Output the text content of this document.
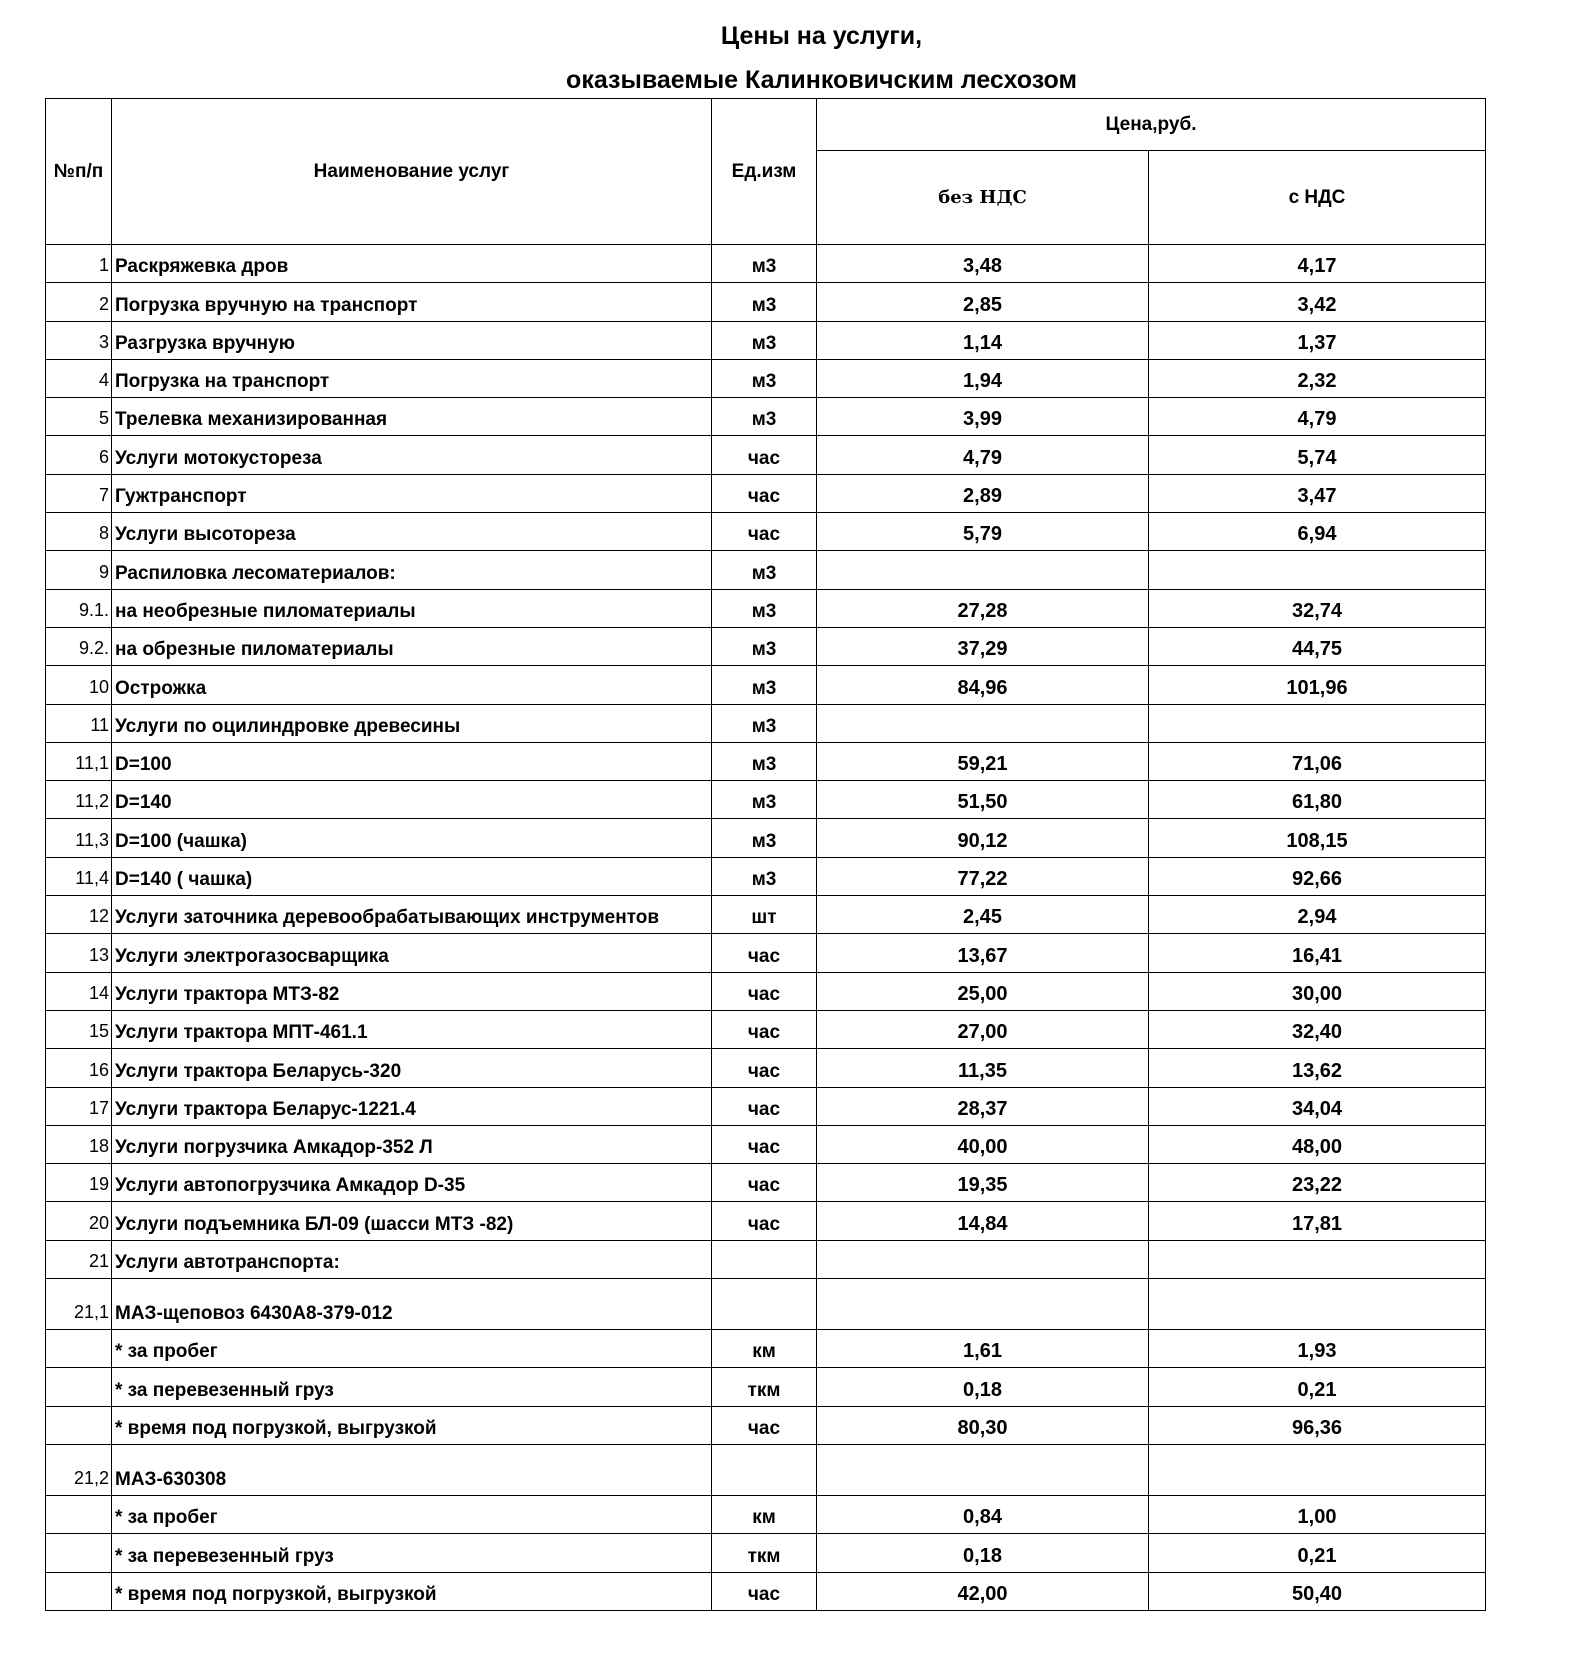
Цены на услуги,
оказываемые Калинковичским лесхозом
№п/п	Наименование услуг	Ед.изм	Цена,руб.	
			без НДС	с НДС
1	Раскряжевка дров	м3	3,48	4,17
2	Погрузка вручную на транспорт	м3	2,85	3,42
3	Разгрузка вручную	м3	1,14	1,37
4	Погрузка на транспорт	м3	1,94	2,32
5	Трелевка механизированная	м3	3,99	4,79
6	Услуги мотокустореза	час	4,79	5,74
7	Гужтранспорт	час	2,89	3,47
8	Услуги высотореза	час	5,79	6,94
9	Распиловка лесоматериалов:	м3		
9.1.	на необрезные пиломатериалы	м3	27,28	32,74
9.2.	на обрезные пиломатериалы	м3	37,29	44,75
10	Острожка	м3	84,96	101,96
11	Услуги по оцилиндровке древесины	м3		
11,1	D=100	м3	59,21	71,06
11,2	D=140	м3	51,50	61,80
11,3	D=100 (чашка)	м3	90,12	108,15
11,4	D=140 ( чашка)	м3	77,22	92,66
12	Услуги заточника деревообрабатывающих инструментов	шт	2,45	2,94
13	Услуги электрогазосварщика	час	13,67	16,41
14	Услуги трактора МТЗ-82	час	25,00	30,00
15	Услуги трактора МПТ-461.1	час	27,00	32,40
16	Услуги трактора Беларусь-320	час	11,35	13,62
17	Услуги трактора Беларус-1221.4	час	28,37	34,04
18	Услуги погрузчика Амкадор-352 Л	час	40,00	48,00
19	Услуги автопогрузчика Амкадор D-35	час	19,35	23,22
20	Услуги подъемника БЛ-09 (шасси МТЗ -82)	час	14,84	17,81
21	Услуги автотранспорта:			
21,1	МАЗ-щеповоз 6430А8-379-012			
	* за пробег	км	1,61	1,93
	* за перевезенный груз	ткм	0,18	0,21
	* время под погрузкой, выгрузкой	час	80,30	96,36
21,2	МАЗ-630308			
	* за пробег	км	0,84	1,00
	* за перевезенный груз	ткм	0,18	0,21
	* время под погрузкой, выгрузкой	час	42,00	50,40
